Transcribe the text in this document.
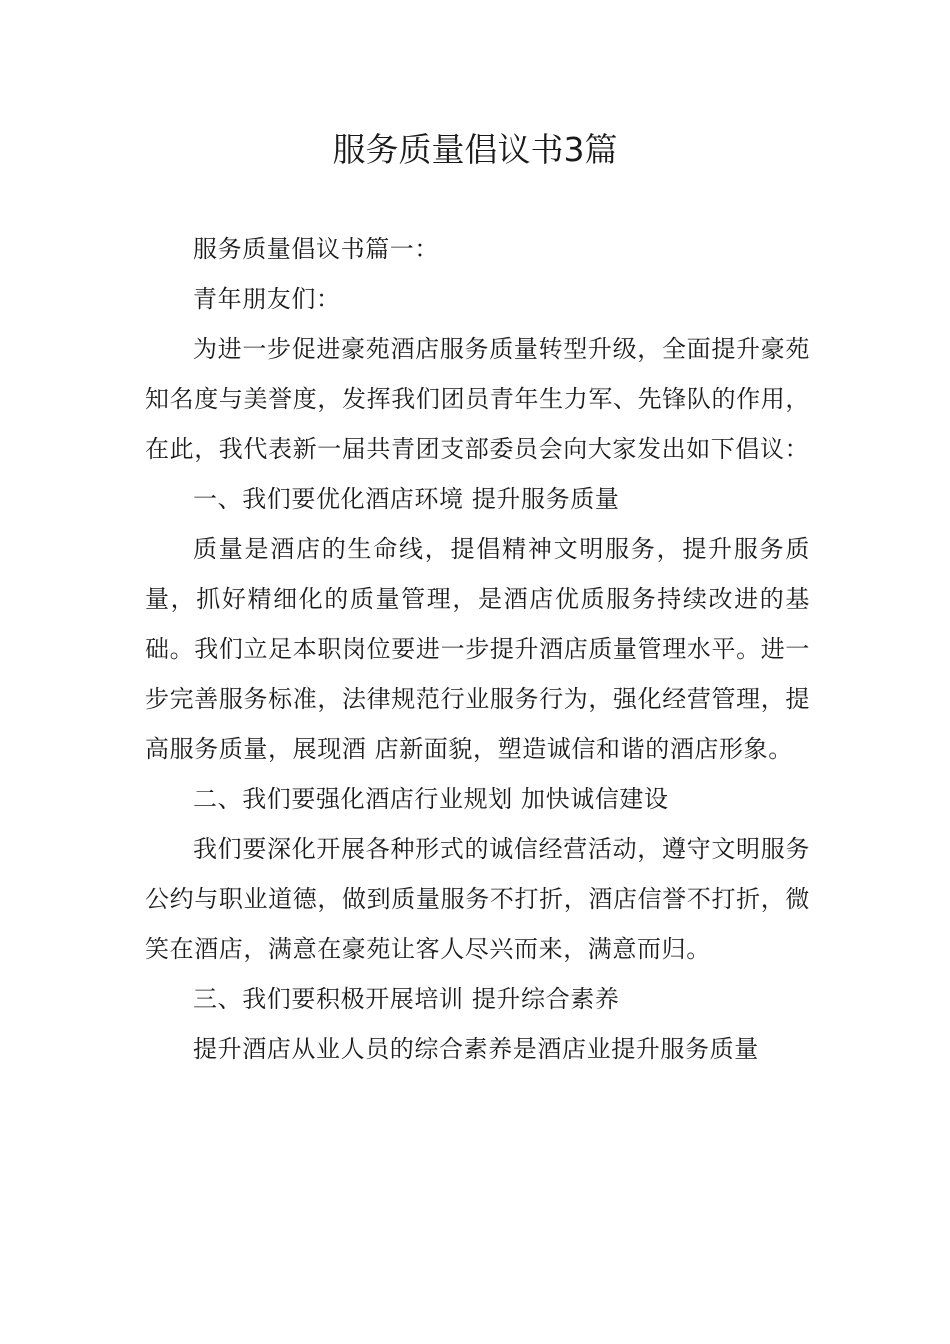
服务质量倡议书3篇

服务质量倡议书篇一：

青年朋友们：

为进一步促进豪苑酒店服务质量转型升级，全面提升豪苑知名度与美誉度，发挥我们团员青年生力军、先锋队的作用， 在此，我代表新一届共青团支部委员会向大家发出如下倡议：

一、我们要优化酒店环境 提升服务质量

质量是酒店的生命线，提倡精神文明服务，提升服务质量，抓好精细化的质量管理，是酒店优质服务持续改进的基础。我们立足本职岗位要进一步提升酒店质量管理水平。进一步完善服务标准，法律规范行业服务行为，强化经营管理，提高服务质量，展现酒 店新面貌，塑造诚信和谐的酒店形象。

二、我们要强化酒店行业规划 加快诚信建设

我们要深化开展各种形式的诚信经营活动，遵守文明服务公约与职业道德，做到质量服务不打折，酒店信誉不打折，微笑在酒店，满意在豪苑让客人尽兴而来，满意而归。

三、我们要积极开展培训 提升综合素养

提升酒店从业人员的综合素养是酒店业提升服务质量
